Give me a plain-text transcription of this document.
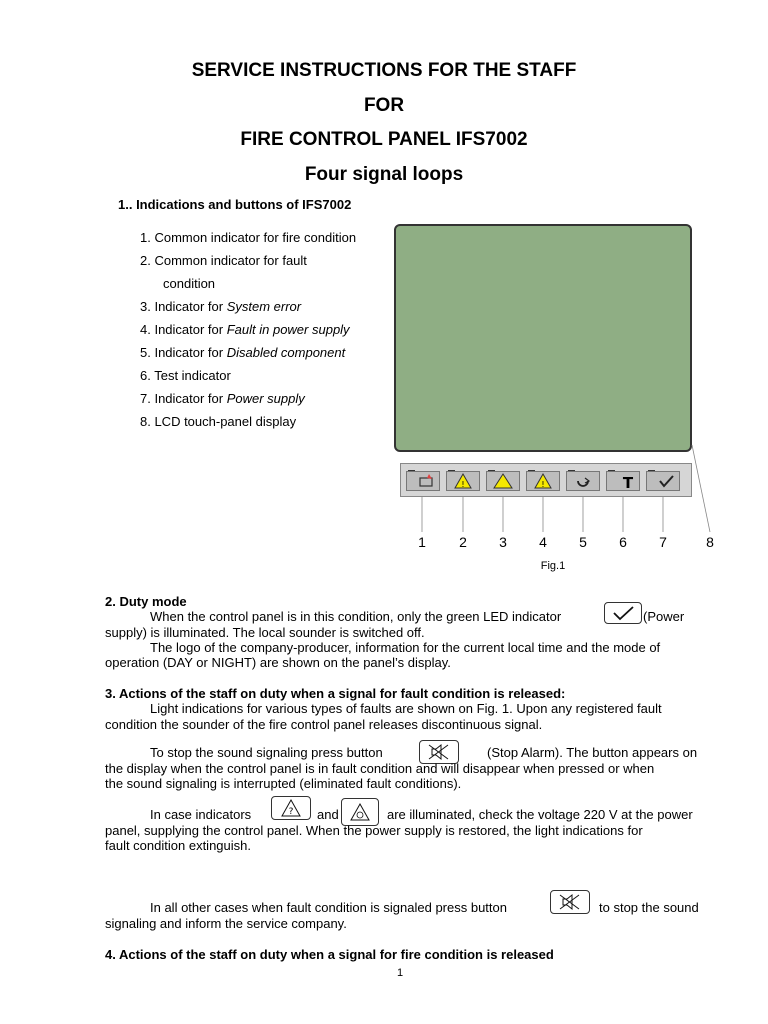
SERVICE INSTRUCTIONS FOR THE STAFF
FOR
FIRE CONTROL PANEL IFS7002
Four signal loops
1.. Indications and buttons of IFS7002
1. Common indicator for fire condition
2. Common indicator for fault
condition
3. Indicator for System error
4. Indicator for Fault in power supply
5. Indicator for Disabled component
6. Test indicator
7. Indicator for Power supply
8. LCD touch-panel display
!	!	T
1	2	3	4	5	6	7	8
Fig.1
2. Duty mode
When the control panel is in this condition, only the green LED indicator	(Power
supply) is illuminated. The local sounder is switched off.
The logo of the company-producer, information for the current local time and the mode of
operation (DAY or NIGHT) are shown on the panel’s display.
3. Actions of the staff on duty when a signal for fault condition is released:
Light indications for various types of faults are shown on Fig. 1. Upon any registered fault
condition the sounder of the fire control panel releases discontinuous signal.
To stop the sound signaling press button	(Stop Alarm). The button appears on
the display when the control panel is in fault condition and will disappear when pressed or when
the sound signaling is interrupted (eliminated fault conditions).
In case indicators	? and	are illuminated, check the voltage 220 V at the power
panel, supplying the control panel. When the power supply is restored, the light indications for
fault condition extinguish.
In all other cases when fault condition is signaled press button	to stop the sound
signaling and inform the service company.
4. Actions of the staff on duty when a signal for fire condition is released
1
